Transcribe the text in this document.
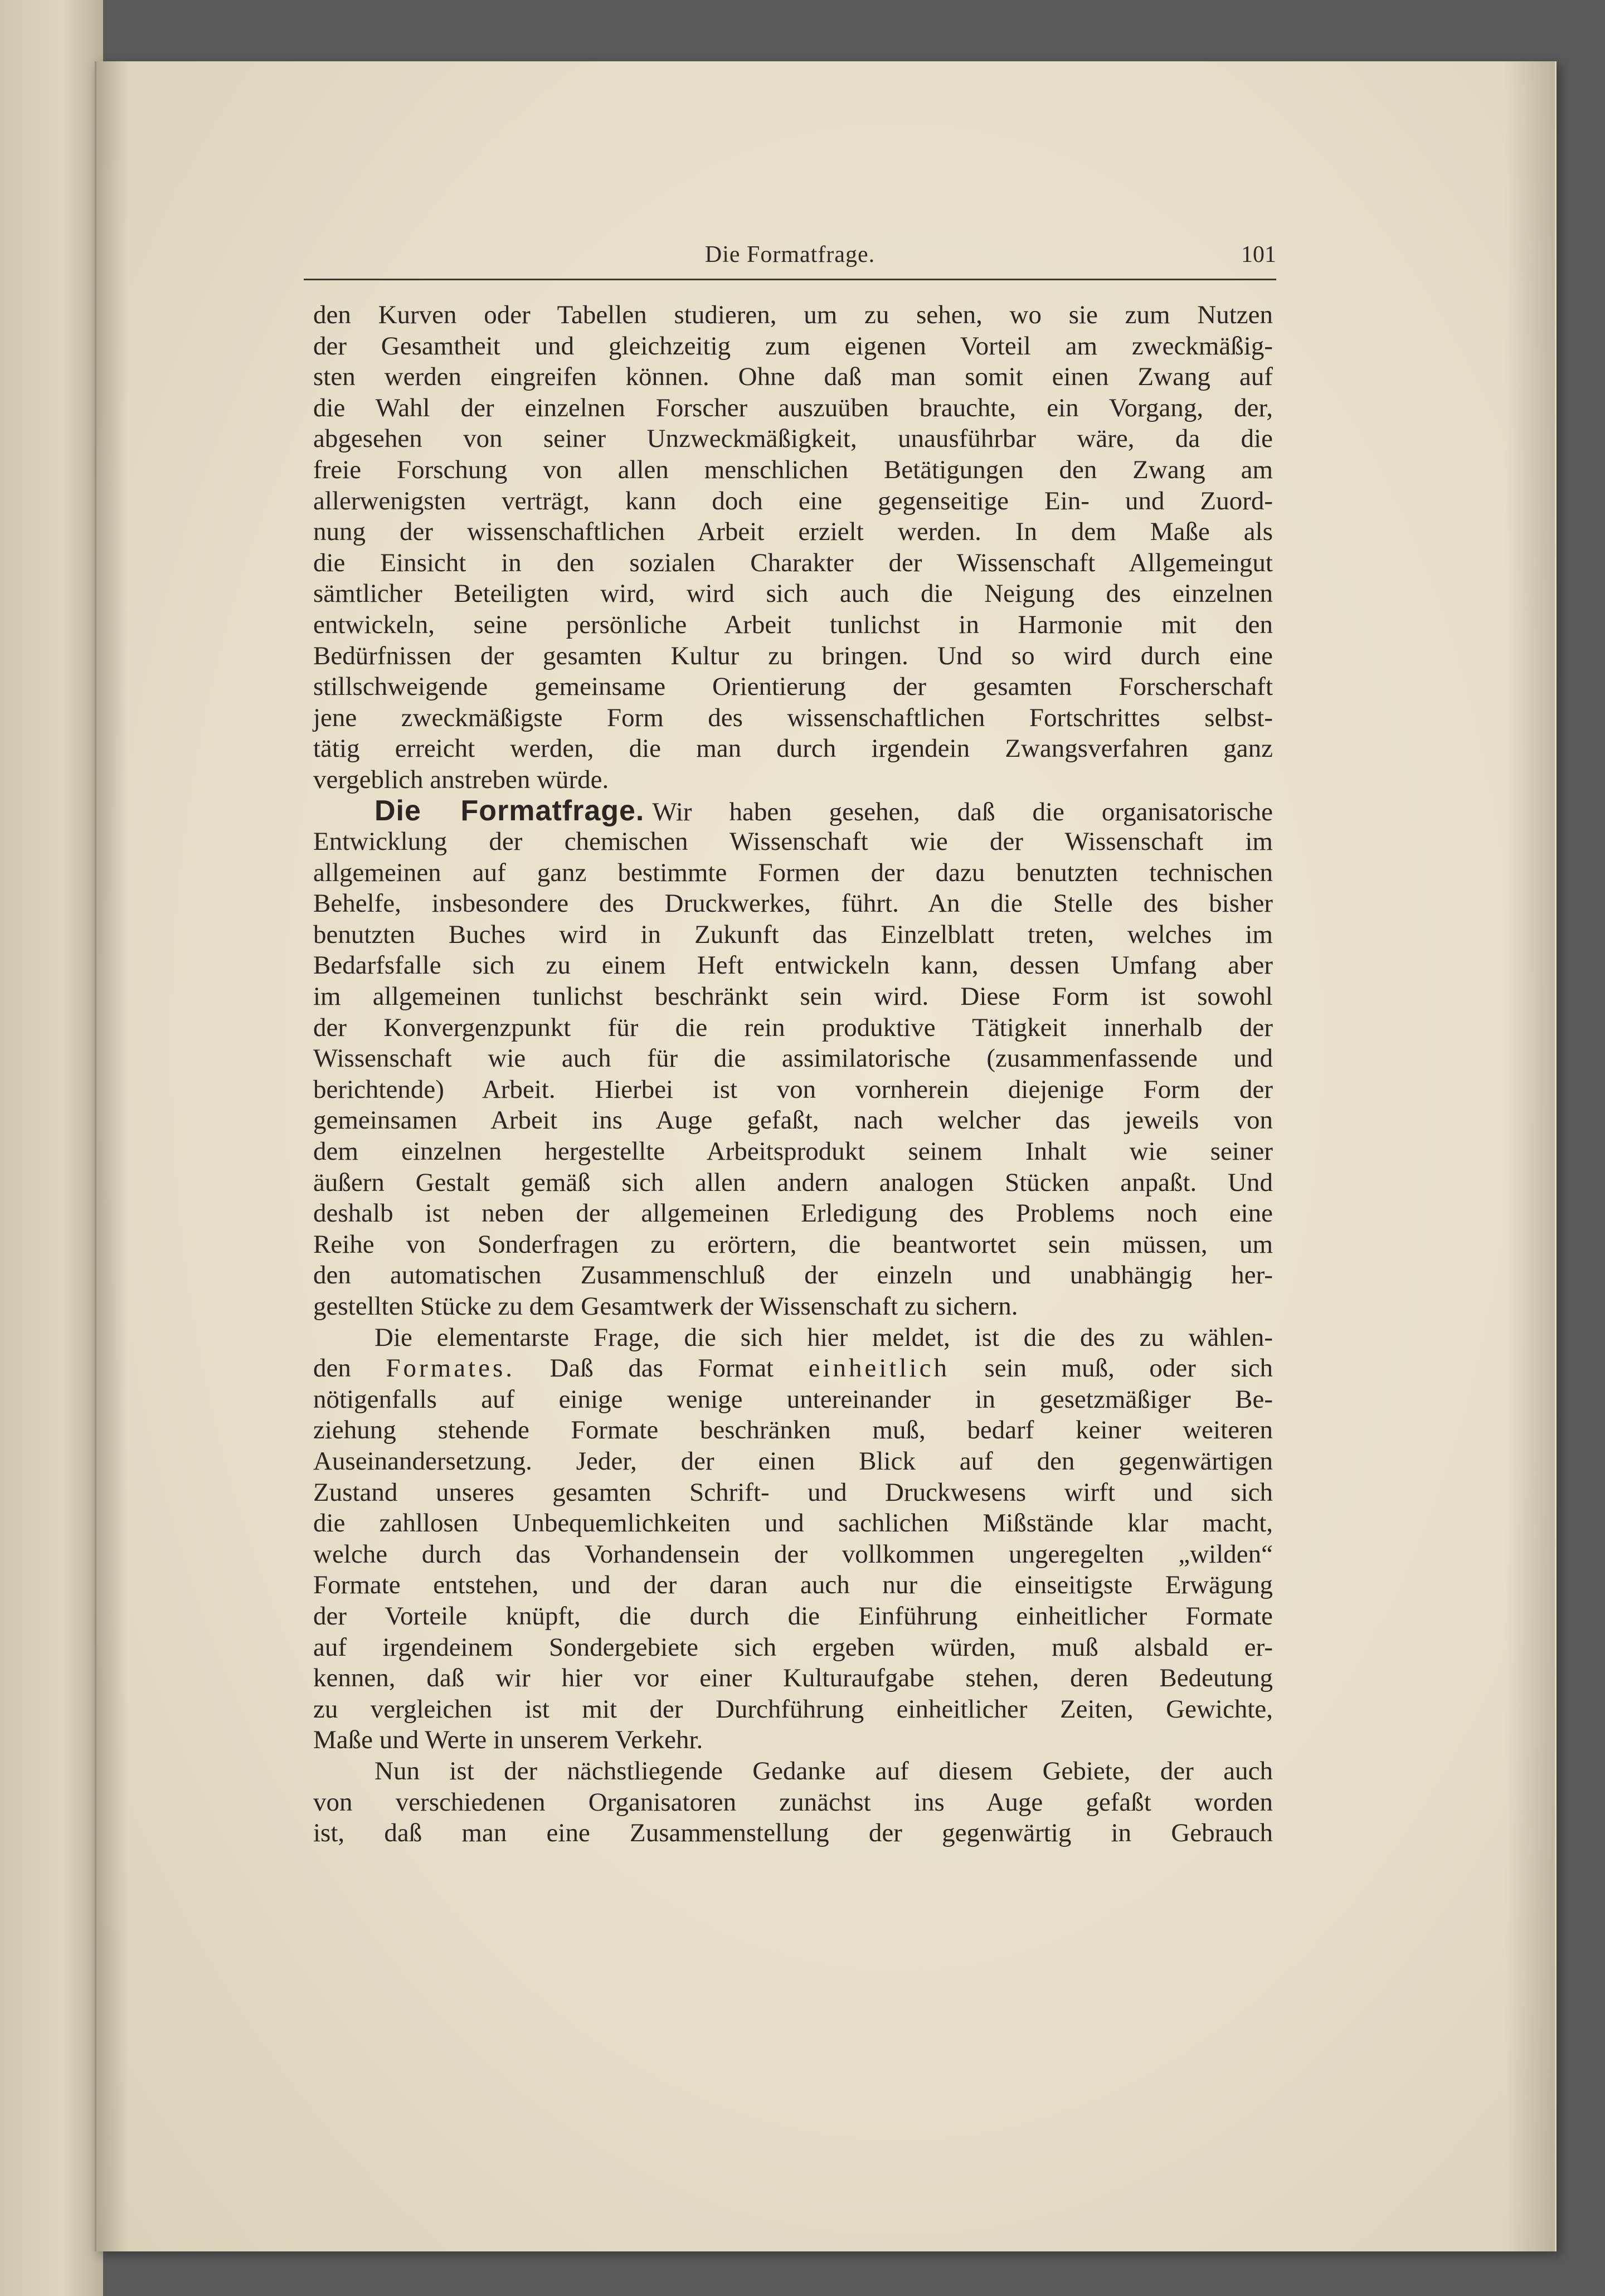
Die Formatfrage.	101
den Kurven oder Tabellen studieren, um zu sehen, wo sie zum Nutzen
der Gesamtheit und gleichzeitig zum eigenen Vorteil am zweckmäßig-
sten werden eingreifen können. Ohne daß man somit einen Zwang auf
die Wahl der einzelnen Forscher auszuüben brauchte, ein Vorgang, der,
abgesehen von seiner Unzweckmäßigkeit, unausführbar wäre, da die
freie Forschung von allen menschlichen Betätigungen den Zwang am
allerwenigsten verträgt, kann doch eine gegenseitige Ein- und Zuord-
nung der wissenschaftlichen Arbeit erzielt werden. In dem Maße als
die Einsicht in den sozialen Charakter der Wissenschaft Allgemeingut
sämtlicher Beteiligten wird, wird sich auch die Neigung des einzelnen
entwickeln, seine persönliche Arbeit tunlichst in Harmonie mit den
Bedürfnissen der gesamten Kultur zu bringen. Und so wird durch eine
stillschweigende gemeinsame Orientierung der gesamten Forscherschaft
jene zweckmäßigste Form des wissenschaftlichen Fortschrittes selbst-
tätig erreicht werden, die man durch irgendein Zwangsverfahren ganz
vergeblich anstreben würde.
Die Formatfrage. Wir haben gesehen, daß die organisatorische
Entwicklung der chemischen Wissenschaft wie der Wissenschaft im
allgemeinen auf ganz bestimmte Formen der dazu benutzten technischen
Behelfe, insbesondere des Druckwerkes, führt. An die Stelle des bisher
benutzten Buches wird in Zukunft das Einzelblatt treten, welches im
Bedarfsfalle sich zu einem Heft entwickeln kann, dessen Umfang aber
im allgemeinen tunlichst beschränkt sein wird. Diese Form ist sowohl
der Konvergenzpunkt für die rein produktive Tätigkeit innerhalb der
Wissenschaft wie auch für die assimilatorische (zusammenfassende und
berichtende) Arbeit. Hierbei ist von vornherein diejenige Form der
gemeinsamen Arbeit ins Auge gefaßt, nach welcher das jeweils von
dem einzelnen hergestellte Arbeitsprodukt seinem Inhalt wie seiner
äußern Gestalt gemäß sich allen andern analogen Stücken anpaßt. Und
deshalb ist neben der allgemeinen Erledigung des Problems noch eine
Reihe von Sonderfragen zu erörtern, die beantwortet sein müssen, um
den automatischen Zusammenschluß der einzeln und unabhängig her-
gestellten Stücke zu dem Gesamtwerk der Wissenschaft zu sichern.
Die elementarste Frage, die sich hier meldet, ist die des zu wählen-
den Formates. Daß das Format einheitlich sein muß, oder sich
nötigenfalls auf einige wenige untereinander in gesetzmäßiger Be-
ziehung stehende Formate beschränken muß, bedarf keiner weiteren
Auseinandersetzung. Jeder, der einen Blick auf den gegenwärtigen
Zustand unseres gesamten Schrift- und Druckwesens wirft und sich
die zahllosen Unbequemlichkeiten und sachlichen Mißstände klar macht,
welche durch das Vorhandensein der vollkommen ungeregelten „wilden“
Formate entstehen, und der daran auch nur die einseitigste Erwägung
der Vorteile knüpft, die durch die Einführung einheitlicher Formate
auf irgendeinem Sondergebiete sich ergeben würden, muß alsbald er-
kennen, daß wir hier vor einer Kulturaufgabe stehen, deren Bedeutung
zu vergleichen ist mit der Durchführung einheitlicher Zeiten, Gewichte,
Maße und Werte in unserem Verkehr.
Nun ist der nächstliegende Gedanke auf diesem Gebiete, der auch
von verschiedenen Organisatoren zunächst ins Auge gefaßt worden
ist, daß man eine Zusammenstellung der gegenwärtig in Gebrauch
